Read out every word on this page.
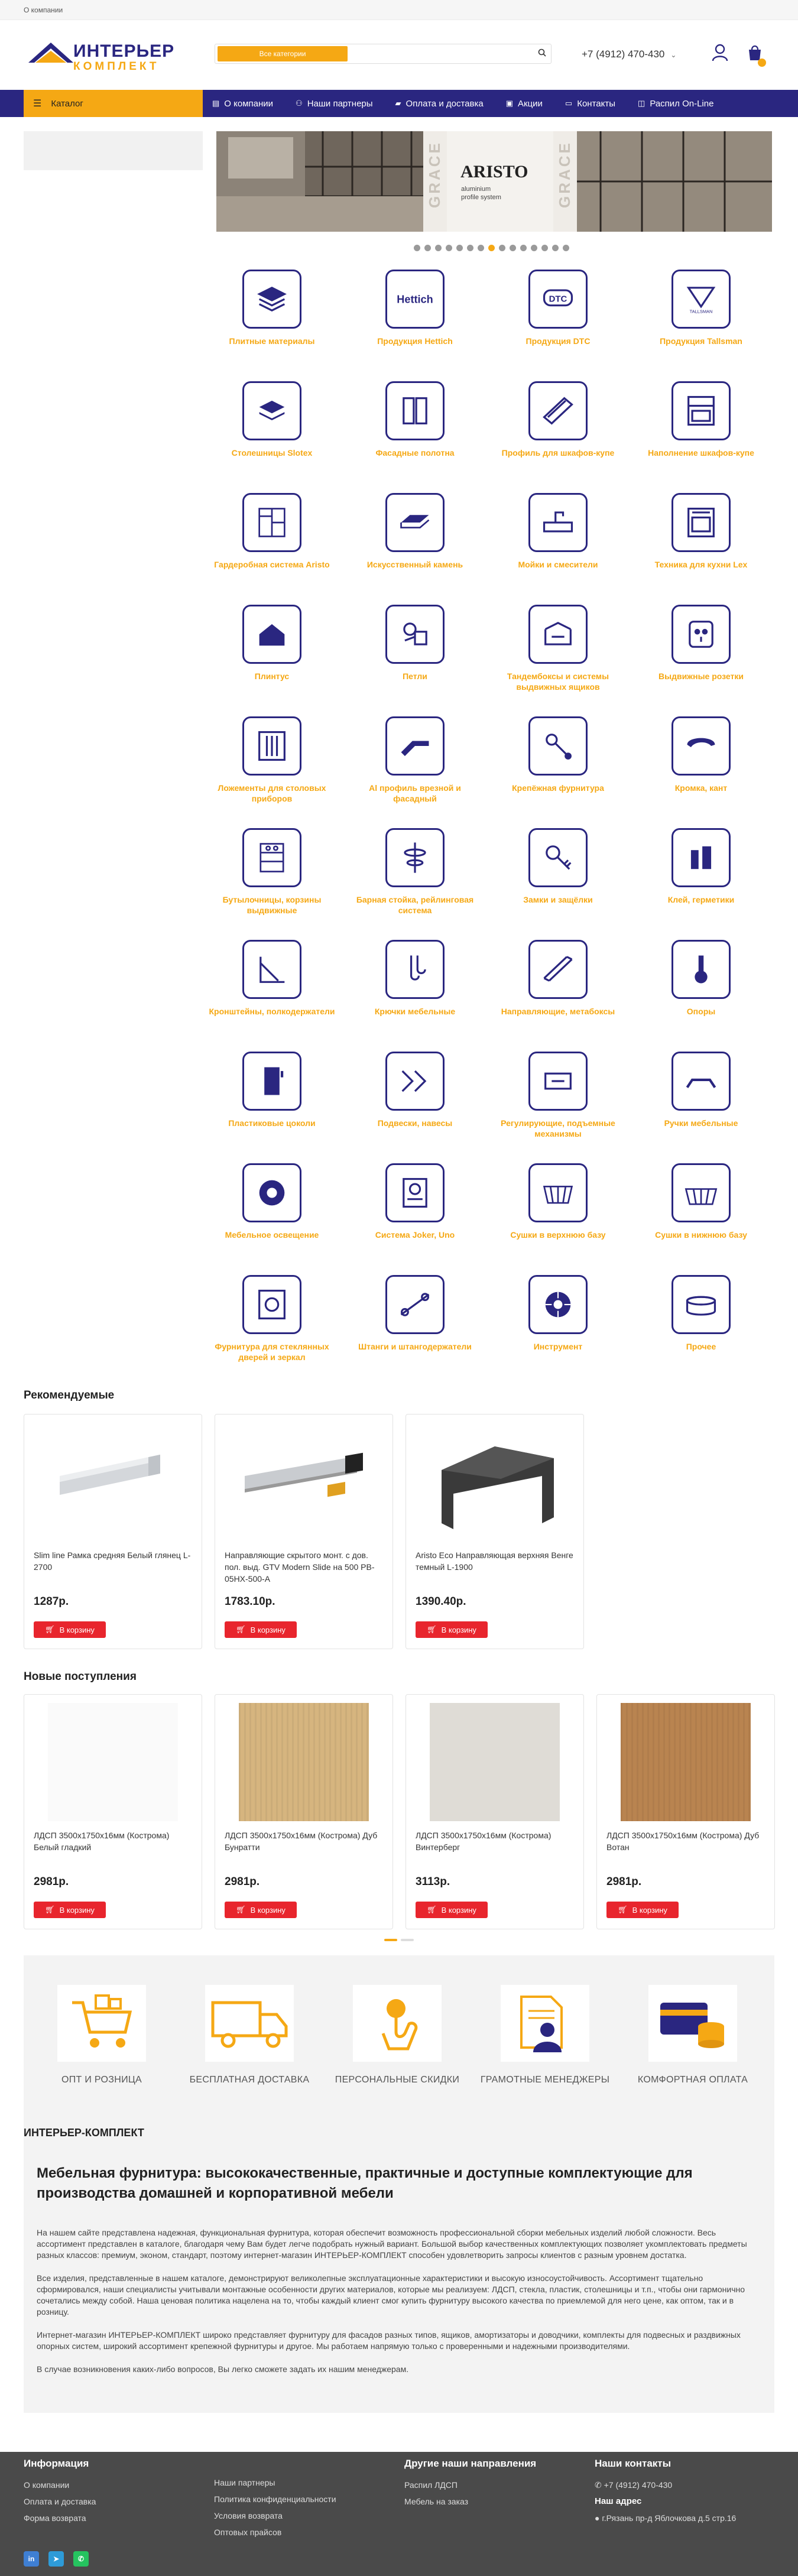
О компании
ИНТЕРЬЕР
КОМПЛЕКТ
Все категории	+7 (4912) 470-430 ⌄
☰ Каталог	▤ О компании	⚇ Наши партнеры	▰ Оплата и доставка	▣ Акции	▭ Контакты	◫ Распил On-Line
ARISTO
aluminium
profile system
GRACE	GRACE
Плитные материалы
Hettich
Продукция Hettich
DTC
Продукция DTC
TALLSMAN
Продукция Tallsman
Столешницы Slotex	Фасадные полотна	Профиль для шкафов-купе	Наполнение шкафов-купе
Гардеробная система Aristo	Искусственный камень	Мойки и смесители	Техника для кухни Lex
Плинтус	Петли	Тандембоксы и системы выдвижных ящиков
Выдвижные розетки
Ложементы для столовых приборов
Al профиль врезной и фасадный
Крепёжная фурнитура	Кромка, кант
Бутылочницы, корзины выдвижные
Барная стойка, рейлинговая система
Замки и защёлки	Клей, герметики
Кронштейны, полкодержатели	Крючки мебельные	Направляющие, метабоксы	Опоры
Пластиковые цоколи	Подвески, навесы	Регулирующие, подъемные механизмы
Ручки мебельные
Мебельное освещение	Система Joker, Uno	Сушки в верхнюю базу	Сушки в нижнюю базу
Фурнитура для стеклянных дверей и зеркал
Штанги и штангодержатели	Инструмент	Прочее
Рекомендуемые
Новые поступления
ОПТ И РОЗНИЦА	БЕСПЛАТНАЯ ДОСТАВКА	ПЕРСОНАЛЬНЫЕ СКИДКИ	ГРАМОТНЫЕ МЕНЕДЖЕРЫ	КОМФОРТНАЯ ОПЛАТА
ИНТЕРЬЕР-КОМПЛЕКТ
Мебельная фурнитура: высококачественные, практичные и доступные комплектующие для производства домашней и корпоративной мебели

На нашем сайте представлена надежная, функциональная фурнитура, которая обеспечит возможность профессиональной сборки мебельных изделий любой сложности. Весь ассортимент представлен в каталоге, благодаря чему Вам будет легче подобрать нужный вариант. Большой выбор качественных комплектующих позволяет укомплектовать предметы разных классов: премиум, эконом, стандарт, поэтому интернет-магазин ИНТЕРЬЕР-КОМПЛЕКТ способен удовлетворить запросы клиентов с разным уровнем достатка.

Все изделия, представленные в нашем каталоге, демонстрируют великолепные эксплуатационные характеристики и высокую износоустойчивость. Ассортимент тщательно сформировался, наши специалисты учитывали монтажные особенности других материалов, которые мы реализуем: ЛДСП, стекла, пластик, столешницы и т.п., чтобы они гармонично сочетались между собой. Наша ценовая политика нацелена на то, чтобы каждый клиент смог купить фурнитуру высокого качества по приемлемой для него цене, как оптом, так и в розницу.

Интернет-магазин ИНТЕРЬЕР-КОМПЛЕКТ широко представляет фурнитуру для фасадов разных типов, ящиков, амортизаторы и доводчики, комплекты для подвесных и раздвижных опорных систем, широкий ассортимент крепежной фурнитуры и другое. Мы работаем напрямую только с проверенными и надежными производителями.

В случае возникновения каких-либо вопросов, Вы легко сможете задать их нашим менеджерам.

Информация
О компании
Оплата и доставка
Форма возврата
Наши партнеры
Политика конфиденциальности
Условия возврата
Оптовых прайсов
Другие наши направления
Распил ЛДСП
Мебель на заказ
Наши контакты
✆ +7 (4912) 470-430
Наш адрес
● г.Рязань пр-д Яблочкова д.5 стр.16
in	➤	✆
Slim line Рамка средняя Белый глянец L-2700
1287р.
🛒︎ В корзину
Направляющие скрытого монт. с дов. пол. выд. GTV Modern Slide на 500 PB-05HX-500-A
1783.10р.
🛒︎ В корзину
Aristo Eco Направляющая верхняя Венге темный L-1900
1390.40р.
🛒︎ В корзину
ЛДСП 3500х1750х16мм (Кострома) Белый гладкий
2981р.
🛒︎ В корзину
ЛДСП 3500х1750х16мм (Кострома) Дуб Бунратти
2981р.
🛒︎ В корзину
ЛДСП 3500х1750х16мм (Кострома) Винтерберг
3113р.
🛒︎ В корзину
ЛДСП 3500х1750х16мм (Кострома) Дуб Вотан
2981р.
🛒︎ В корзину
